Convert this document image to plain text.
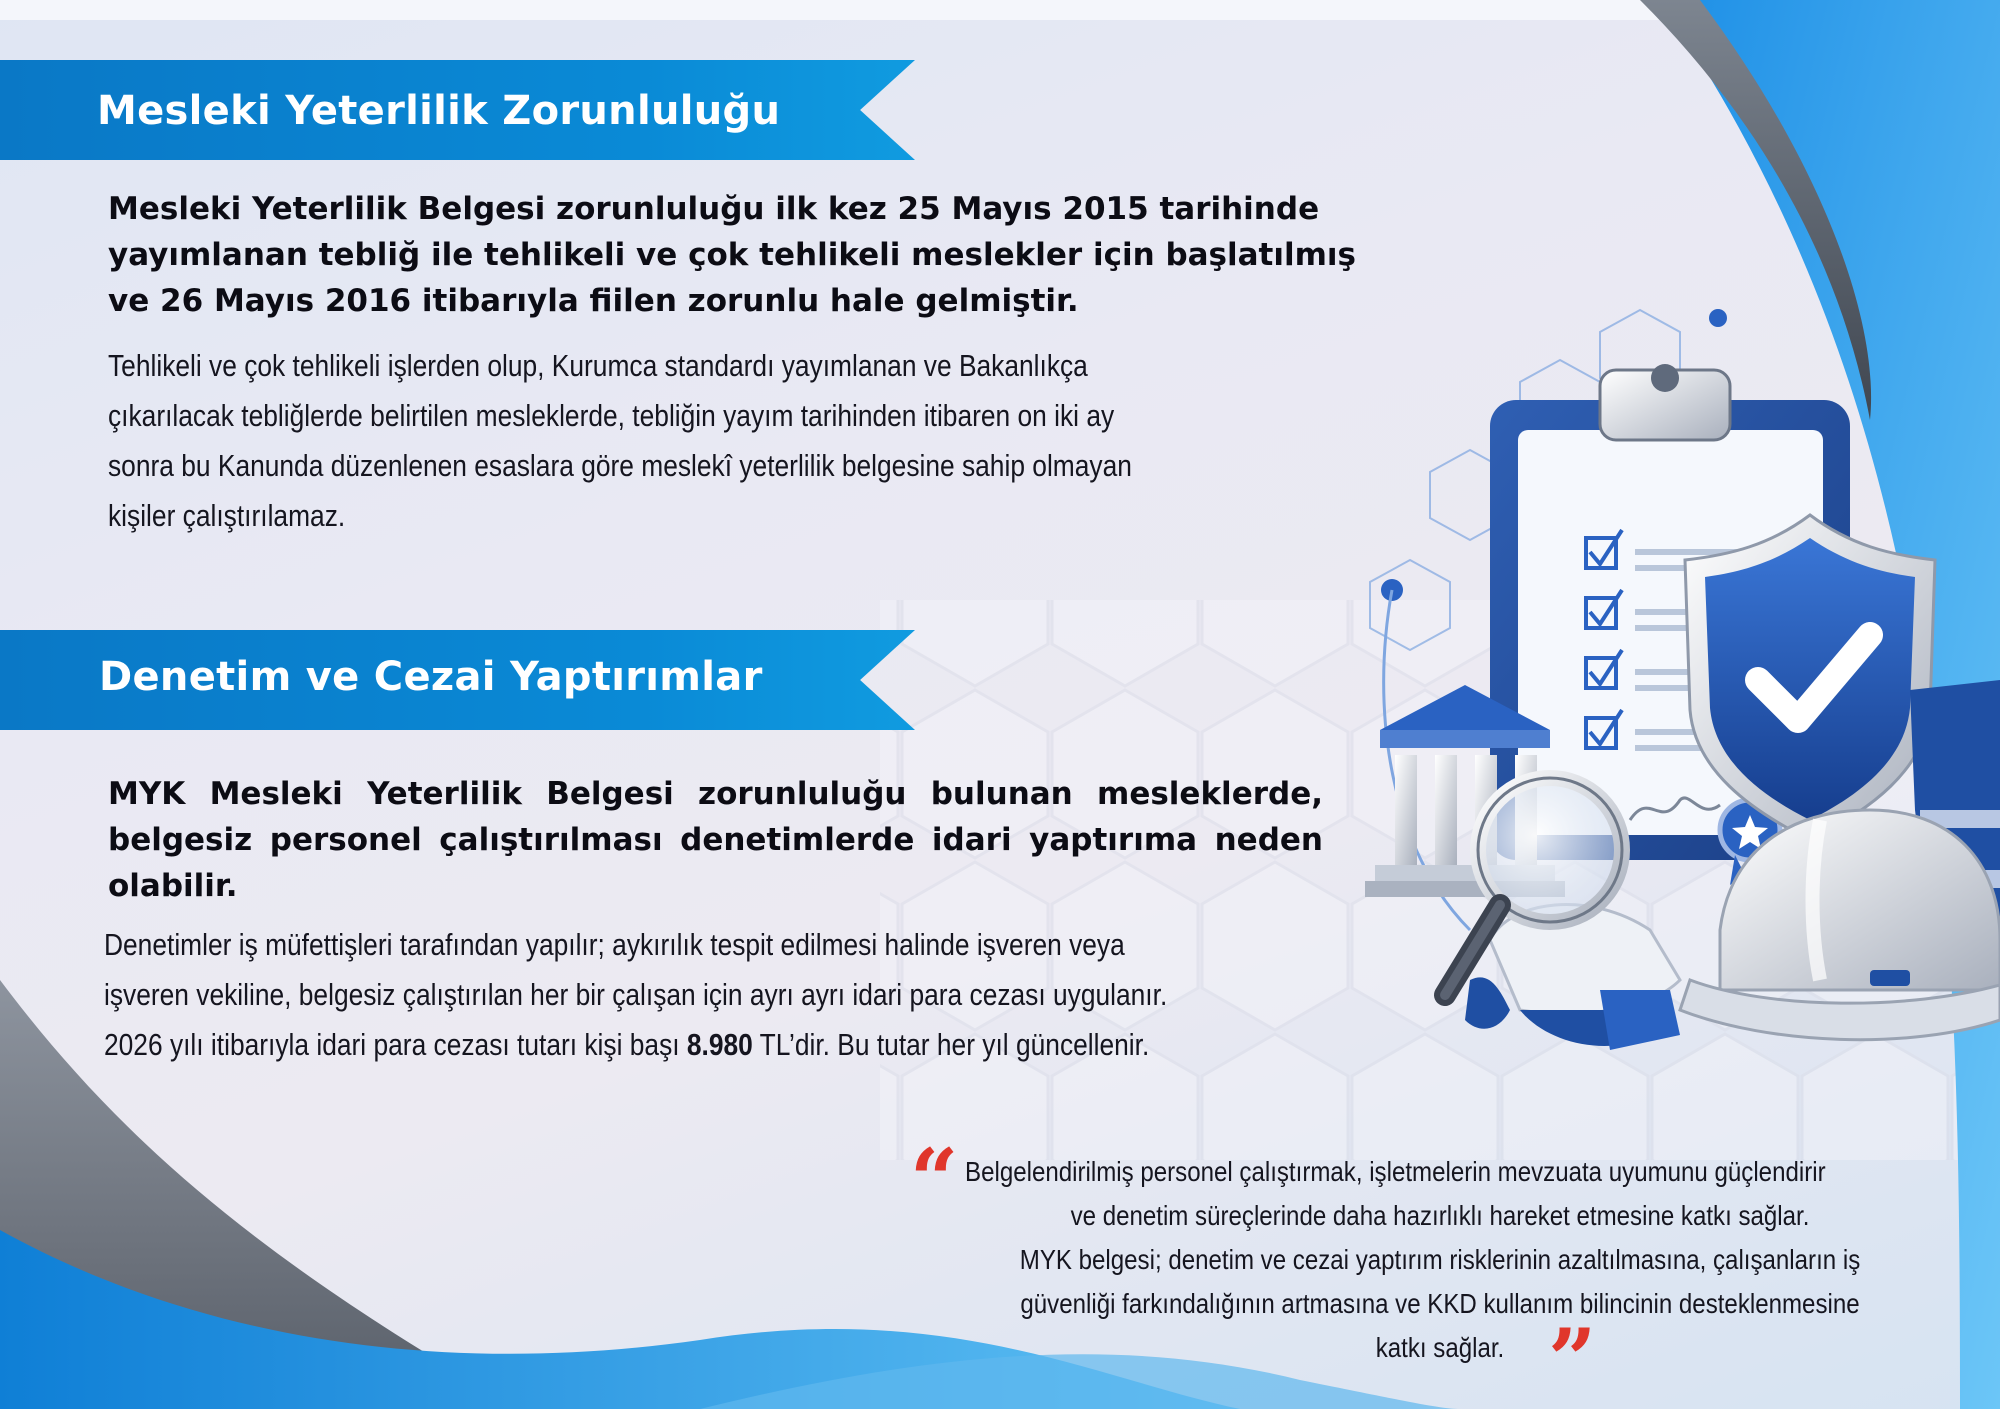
Mesleki Yeterlilik Zorunluluğu

Mesleki Yeterlilik Belgesi zorunluluğu ilk kez 25 Mayıs 2015 tarihinde yayımlanan tebliğ ile tehlikeli ve çok tehlikeli meslekler için başlatılmış ve 26 Mayıs 2016 itibarıyla fiilen zorunlu hale gelmiştir.

Tehlikeli ve çok tehlikeli işlerden olup, Kurumca standardı yayımlanan ve Bakanlıkça

çıkarılacak tebliğlerde belirtilen mesleklerde, tebliğin yayım tarihinden itibaren on iki ay

sonra bu Kanunda düzenlenen esaslara göre meslekî yeterlilik belgesine sahip olmayan

kişiler çalıştırılamaz.

Denetim ve Cezai Yaptırımlar

MYK Mesleki Yeterlilik Belgesi zorunluluğu bulunan mesleklerde, belgesiz personel çalıştırılması denetimlerde idari yaptırıma neden olabilir.

Denetimler iş müfettişleri tarafından yapılır; aykırılık tespit edilmesi halinde işveren veya

işveren vekiline, belgesiz çalıştırılan her bir çalışan için ayrı ayrı idari para cezası uygulanır.

2026 yılı itibarıyla idari para cezası tutarı kişi başı 8.980 TL’dir. Bu tutar her yıl güncellenir.

“ Belgelendirilmiş personel çalıştırmak, işletmelerin mevzuata uyumunu güçlendirir
ve denetim süreçlerinde daha hazırlıklı hareket etmesine katkı sağlar.
MYK belgesi; denetim ve cezai yaptırım risklerinin azaltılmasına, çalışanların iş
güvenliği farkındalığının artmasına ve KKD kullanım bilincinin desteklenmesine
katkı sağlar. ”
